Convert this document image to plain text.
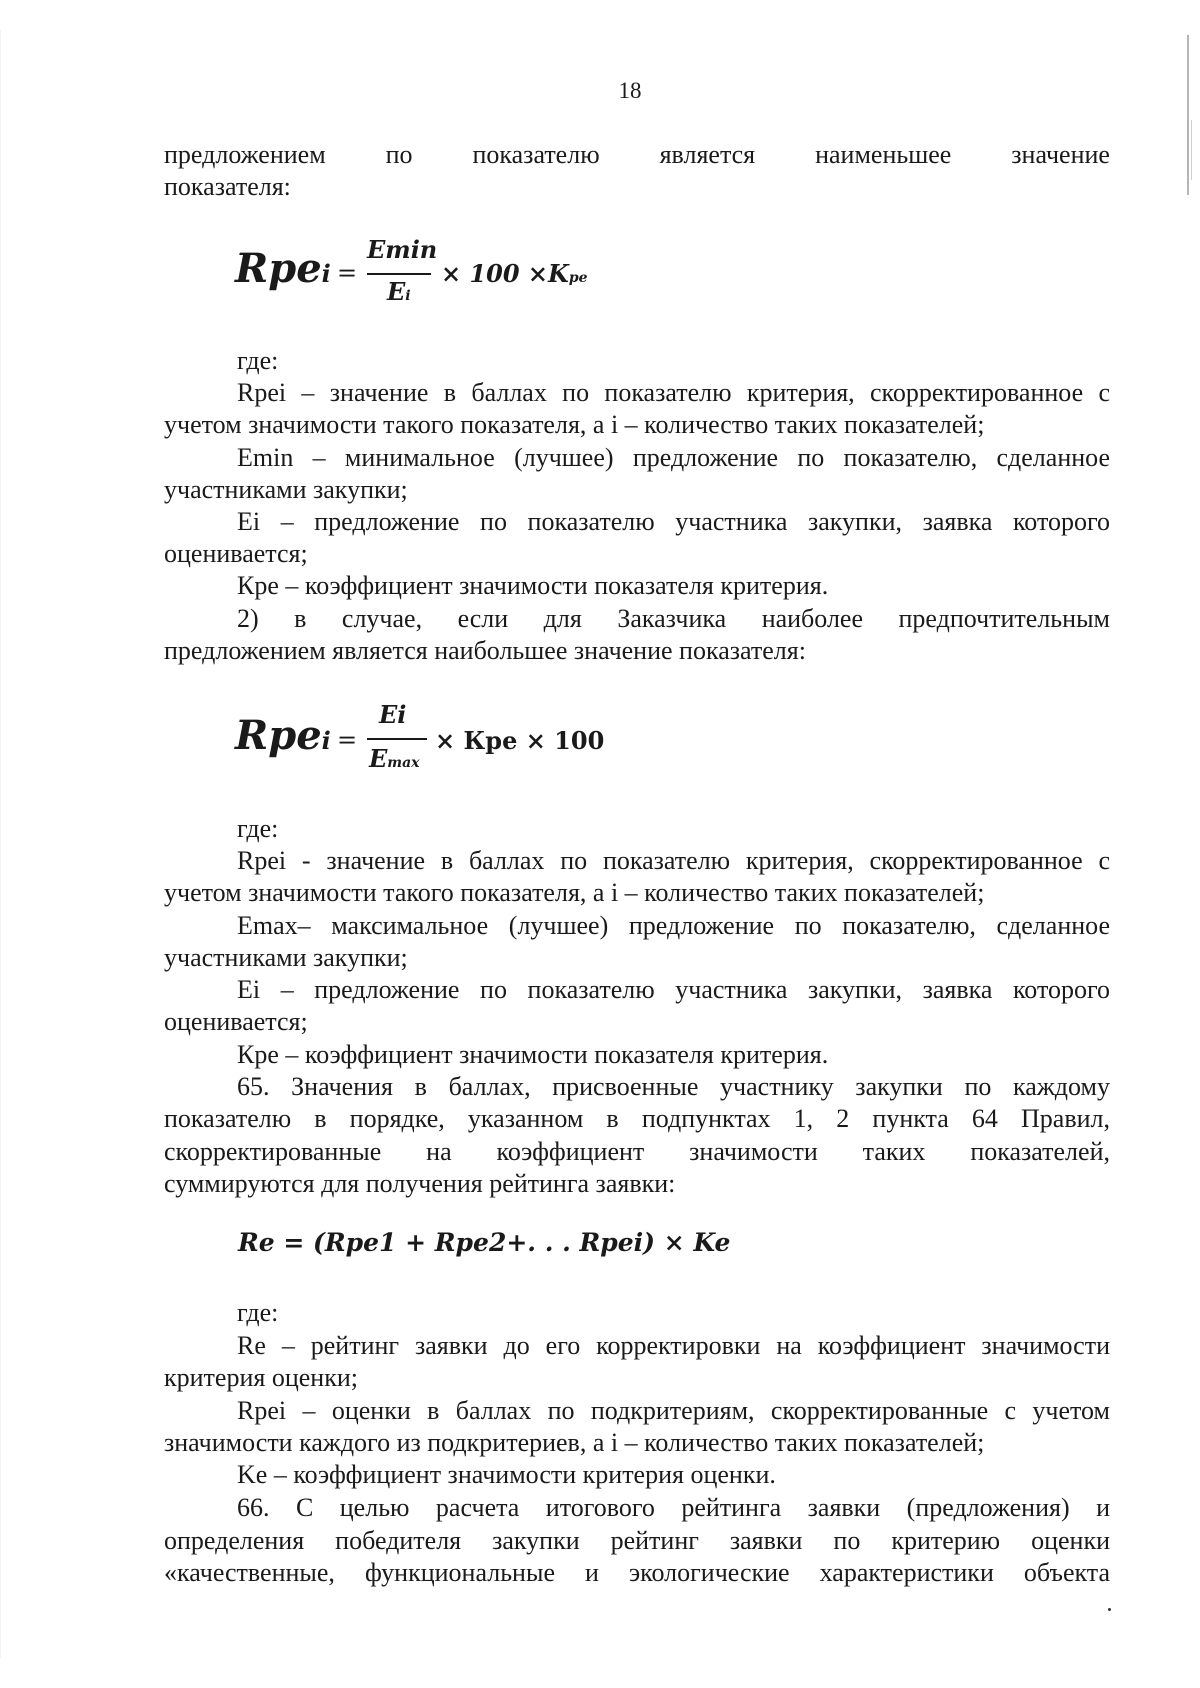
18
предложением по показателю является наименьшее значение
показателя:
Rpei =
Emin
Ei
× 100 ×Kpe
где:
Rpei – значение в баллах по показателю критерия, скорректированное с
учетом значимости такого показателя, а i – количество таких показателей;
Emin – минимальное (лучшее) предложение по показателю, сделанное
участниками закупки;
Ei – предложение по показателю участника закупки, заявка которого
оценивается;
Кре – коэффициент значимости показателя критерия.
2) в случае, если для Заказчика наиболее предпочтительным
предложением является наибольшее значение показателя:
Rpei =
Ei
Emax
× Кре × 100
где:
Rpei - значение в баллах по показателю критерия, скорректированное с
учетом значимости такого показателя, а i – количество таких показателей;
Emax– максимальное (лучшее) предложение по показателю, сделанное
участниками закупки;
Ei – предложение по показателю участника закупки, заявка которого
оценивается;
Кре – коэффициент значимости показателя критерия.
65. Значения в баллах, присвоенные участнику закупки по каждому
показателю в порядке, указанном в подпунктах 1, 2 пункта 64 Правил,
скорректированные на коэффициент значимости таких показателей,
суммируются для получения рейтинга заявки:
Re = (Rpe1 + Rpe2+. . . Rpei) × Ke
где:
Re – рейтинг заявки до его корректировки на коэффициент значимости
критерия оценки;
Rpei – оценки в баллах по подкритериям, скорректированные с учетом
значимости каждого из подкритериев, а i – количество таких показателей;
Ke – коэффициент значимости критерия оценки.
66. С целью расчета итогового рейтинга заявки (предложения) и
определения победителя закупки рейтинг заявки по критерию оценки
«качественные, функциональные и экологические характеристики объекта
